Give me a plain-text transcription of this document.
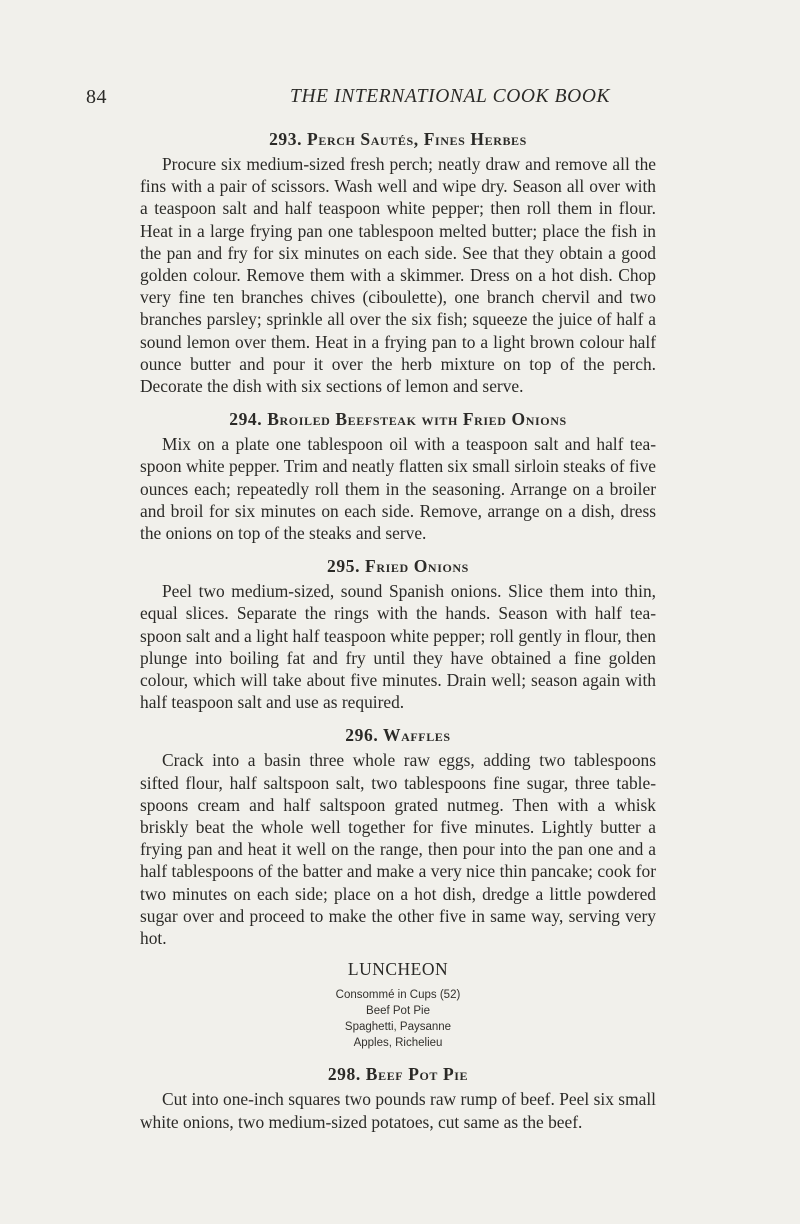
84	THE INTERNATIONAL COOK BOOK
293. Perch Sautés, Fines Herbes

Procure six medium-sized fresh perch; neatly draw and remove all the fins with a pair of scissors. Wash well and wipe dry. Season all over with a teaspoon salt and half teaspoon white pepper; then roll them in flour. Heat in a large frying pan one tablespoon melted butter; place the fish in the pan and fry for six minutes on each side. See that they obtain a good golden colour. Remove them with a skimmer. Dress on a hot dish. Chop very fine ten branches chives (ciboulette), one branch chervil and two branches parsley; sprinkle all over the six fish; squeeze the juice of half a sound lemon over them. Heat in a frying pan to a light brown colour half ounce butter and pour it over the herb mixture on top of the perch. Decorate the dish with six sections of lemon and serve.

294. Broiled Beefsteak with Fried Onions

Mix on a plate one tablespoon oil with a teaspoon salt and half tea-spoon white pepper. Trim and neatly flatten six small sirloin steaks of five ounces each; repeatedly roll them in the seasoning. Arrange on a broiler and broil for six minutes on each side. Remove, arrange on a dish, dress the onions on top of the steaks and serve.

295. Fried Onions

Peel two medium-sized, sound Spanish onions. Slice them into thin, equal slices. Separate the rings with the hands. Season with half tea-spoon salt and a light half teaspoon white pepper; roll gently in flour, then plunge into boiling fat and fry until they have obtained a fine golden colour, which will take about five minutes. Drain well; season again with half teaspoon salt and use as required.

296. Waffles

Crack into a basin three whole raw eggs, adding two tablespoons sifted flour, half saltspoon salt, two tablespoons fine sugar, three table-spoons cream and half saltspoon grated nutmeg. Then with a whisk briskly beat the whole well together for five minutes. Lightly butter a frying pan and heat it well on the range, then pour into the pan one and a half tablespoons of the batter and make a very nice thin pancake; cook for two minutes on each side; place on a hot dish, dredge a little powdered sugar over and proceed to make the other five in same way, serving very hot.

LUNCHEON
Consommé in Cups (52)
Beef Pot Pie
Spaghetti, Paysanne
Apples, Richelieu
298. Beef Pot Pie

Cut into one-inch squares two pounds raw rump of beef. Peel six small white onions, two medium-sized potatoes, cut same as the beef.
